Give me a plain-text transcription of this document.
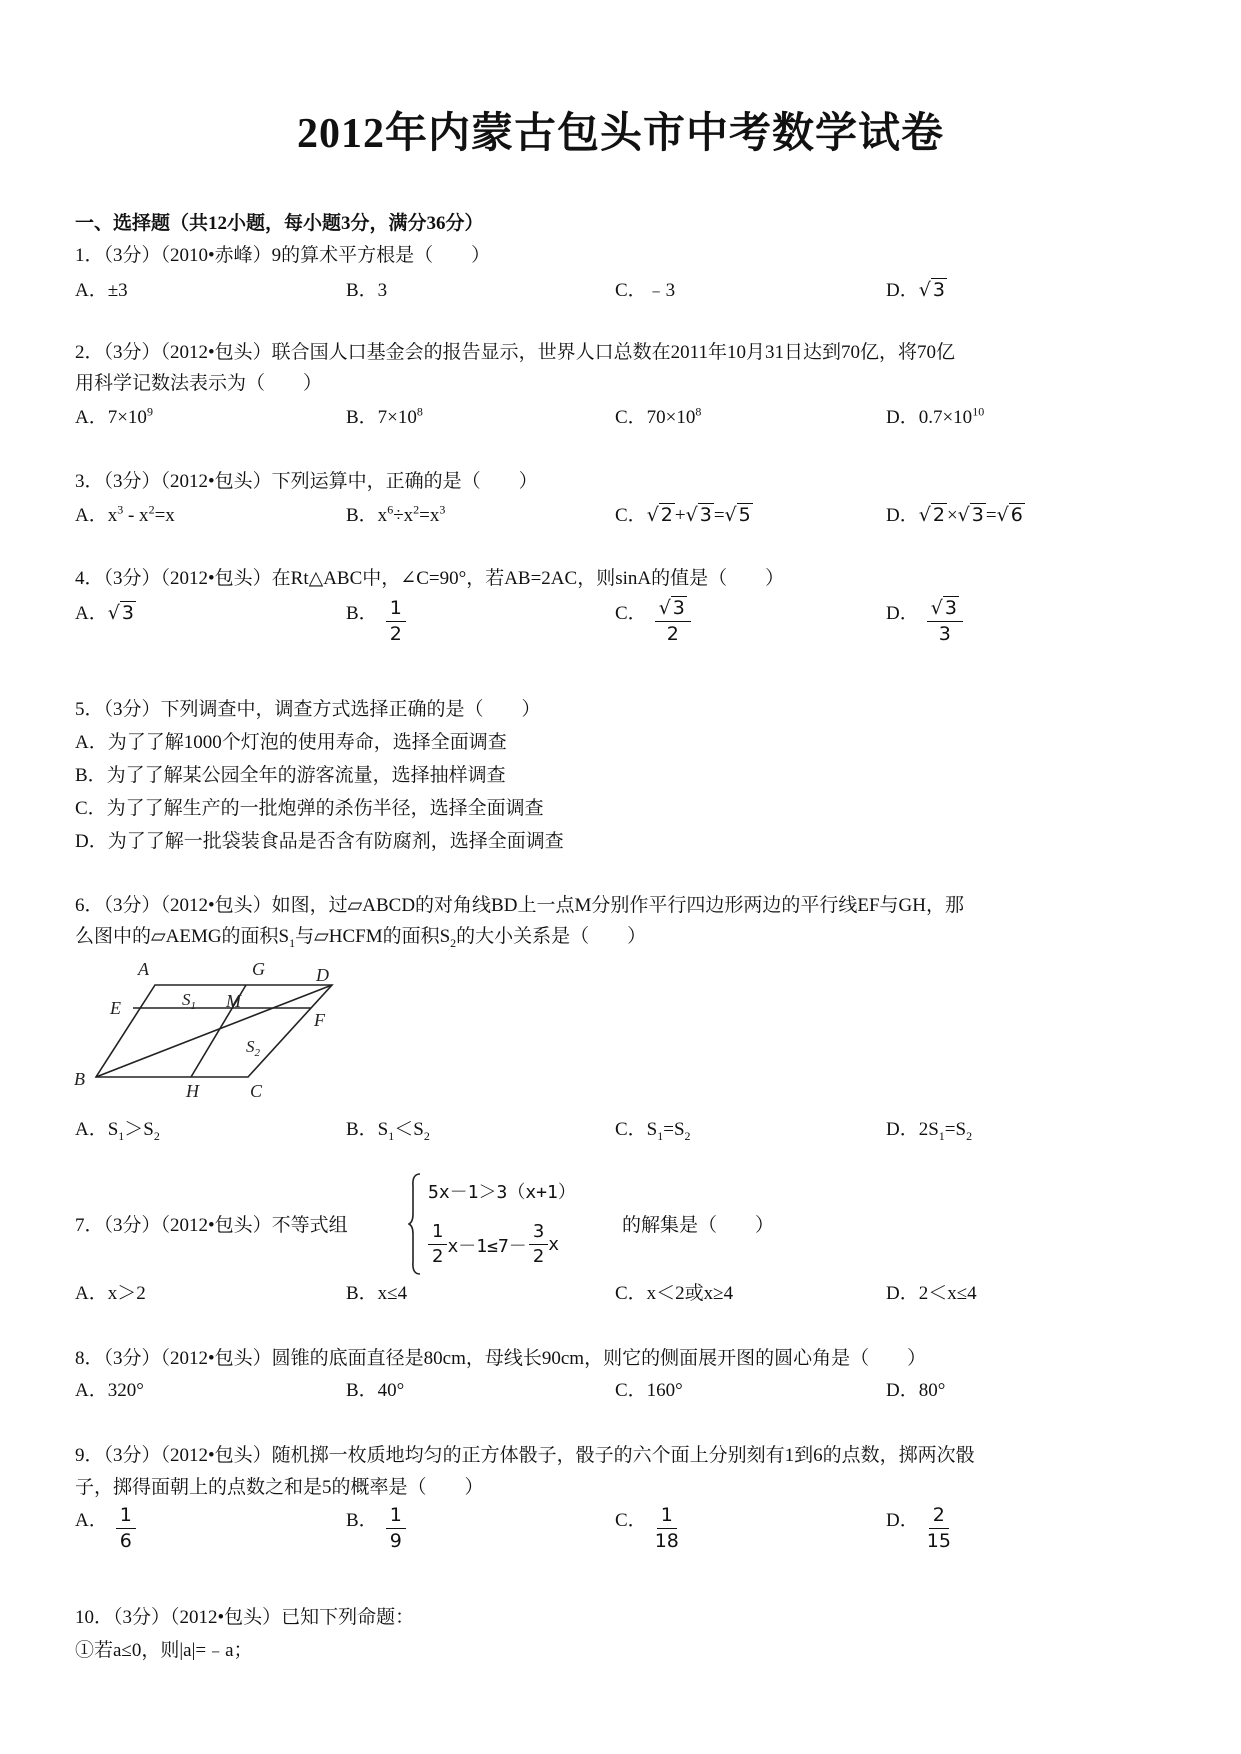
2012年内蒙古包头市中考数学试卷
一、选择题（共12小题，每小题3分，满分36分）
1．（3分）（2010•赤峰）9的算术平方根是（　　）
A．±3	B．3	C．﹣3	D．√ 3
2．（3分）（2012•包头）联合国人口基金会的报告显示，世界人口总数在2011年10月31日达到70亿，将70亿
用科学记数法表示为（　　）
A．$7\times 10^9$	B．$7\times 10^8$	C．$70\times 10^8$	D．$0.7\times 10^{10}$
3．（3分）（2012•包头）下列运算中，正确的是（　　）
A．$x^3 - x^2=x$	B．$x^6\div x^2=x^3$	C．√ 2 +√ 3 =√ 5	D．√ 2 ×√ 3 =√ 6
4．（3分）（2012•包头）在Rt△ABC中，∠C=90°，若AB=2AC，则sinA的值是（　　）
A．√ 3	B． $\frac{1}{2}$	C． $\frac{√ 3}{2}$	D． $\frac{√ 3}{3}$
5．（3分）下列调查中，调查方式选择正确的是（　　）
A．为了了解1000个灯泡的使用寿命，选择全面调查
B．为了了解某公园全年的游客流量，选择抽样调查
C．为了了解生产的一批炮弹的杀伤半径，选择全面调查
D．为了了解一批袋装食品是否含有防腐剂，选择全面调查
6．（3分）（2012•包头）如图，过▱ABCD的对角线BD上一点M分别作平行四边形两边的平行线EF与GH，那
么图中的▱AEMG的面积$S_1$与▱HCFM的面积$S_2$的大小关系是（　　）
A	G	D
E	$S_1$ M
F
$S_2$
B
H	C
A．$S_1>S_2$	B．$S_1<S_2$	C．$S_1=S_2$	D．$2S_1=S_2$
7．（3分）（2012•包头）不等式组
5x－1＞3（x+1）
$\frac{1}{2} x-1\le 7- \frac{3}{2}$ x
的解集是（　　）
A．x＞2	B．x≤4	C．x＜2或x≥4	D．2＜x≤4
8．（3分）（2012•包头）圆锥的底面直径是80cm，母线长90cm，则它的侧面展开图的圆心角是（　　）
A．320°	B．40°	C．160°	D．80°
9．（3分）（2012•包头）随机掷一枚质地均匀的正方体骰子，骰子的六个面上分别刻有1到6的点数，掷两次骰
子，掷得面朝上的点数之和是5的概率是（　　）
A． $\frac{1}{6}$	B． $\frac{1}{9}$	C． $\frac{1}{18}$	D． $\frac{2}{15}$
10．（3分）（2012•包头）已知下列命题：
①若a≤0，则|a|=﹣a；
